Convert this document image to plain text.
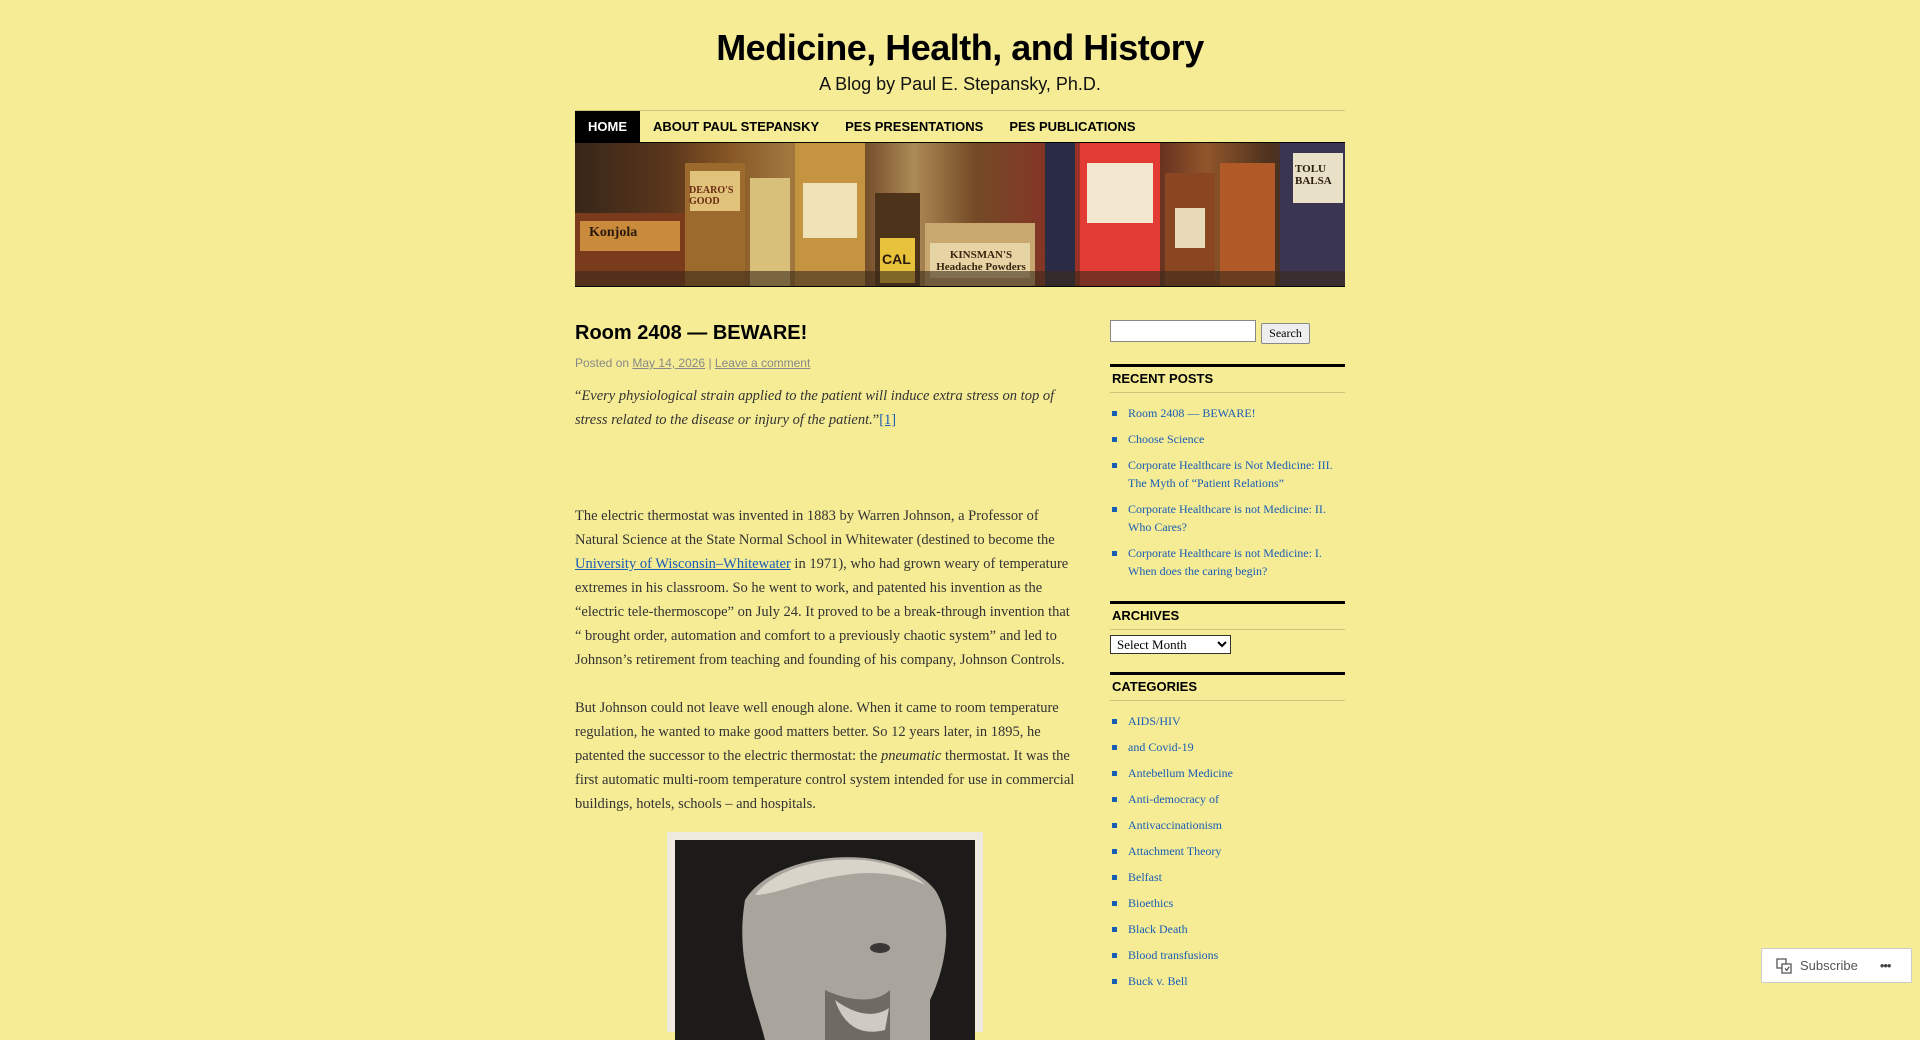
Medicine, Health, and History
A Blog by Paul E. Stepansky, Ph.D.
HOME	ABOUT PAUL STEPANSKY	PES PRESENTATIONS	PES PUBLICATIONS
Konjola
DEARO'S GOOD
KINSMAN'S Headache Powders
CAL
TOLU BALSA
Room 2408 — BEWARE!
Posted on May 14, 2026 | Leave a comment

“Every physiological strain applied to the patient will induce extra stress on top of stress related to the disease or injury of the patient.”[1]

The electric thermostat was invented in 1883 by Warren Johnson, a Professor of Natural Science at the State Normal School in Whitewater (destined to become the University of Wisconsin–Whitewater in 1971), who had grown weary of temperature extremes in his classroom. So he went to work, and patented his invention as the “electric tele-thermoscope” on July 24. It proved to be a break-through invention that “ brought order, automation and comfort to a previously chaotic system” and led to Johnson’s retirement from teaching and founding of his company, Johnson Controls.

But Johnson could not leave well enough alone. When it came to room temperature regulation, he wanted to make good matters better. So 12 years later, in 1895, he patented the successor to the electric thermostat: the pneumatic thermostat. It was the first automatic multi-room temperature control system intended for use in commercial buildings, hotels, schools – and hospitals.

Search
RECENT POSTS
Room 2408 — BEWARE!
Choose Science
Corporate Healthcare is Not Medicine: III. The Myth of “Patient Relations”
Corporate Healthcare is not Medicine: II. Who Cares?
Corporate Healthcare is not Medicine: I. When does the caring begin?
ARCHIVES
Select Month
CATEGORIES
AIDS/HIV
and Covid-19
Antebellum Medicine
Anti-democracy of
Antivaccinationism
Attachment Theory
Belfast
Bioethics
Black Death
Blood transfusions
Buck v. Bell
Subscribe •••
